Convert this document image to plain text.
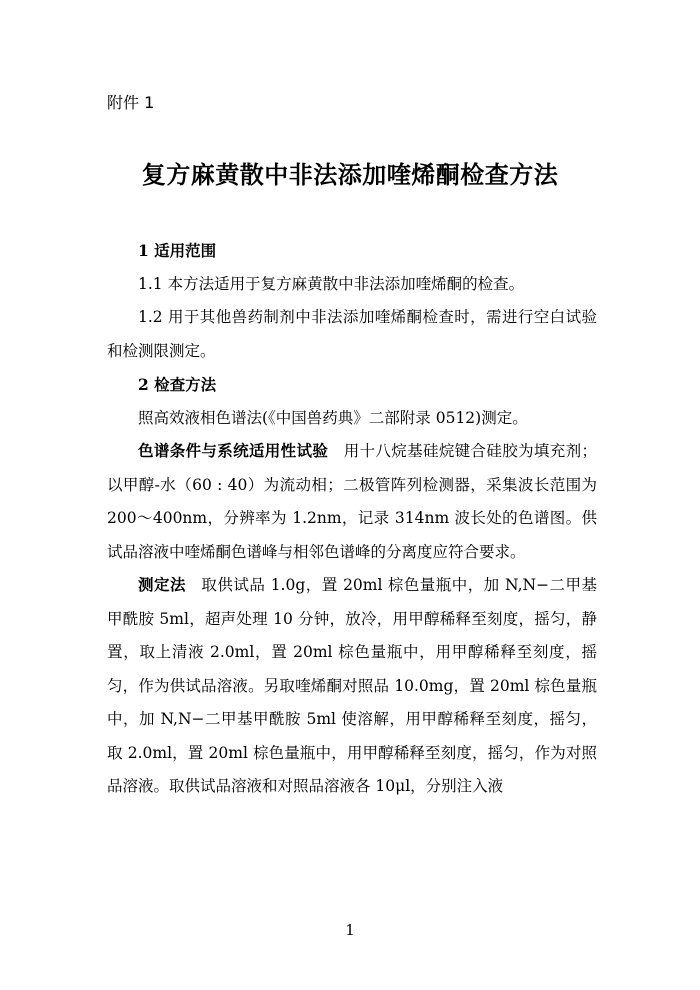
附件 1
复方麻黄散中非法添加喹烯酮检查方法

1 适用范围

1.1 本方法适用于复方麻黄散中非法添加喹烯酮的检查。

1.2 用于其他兽药制剂中非法添加喹烯酮检查时，需进行空白试验和检测限测定。

2 检查方法

照高效液相色谱法(《中国兽药典》二部附录 0512)测定。

色谱条件与系统适用性试验 用十八烷基硅烷键合硅胶为填充剂；以甲醇-水（60 : 40）为流动相；二极管阵列检测器，采集波长范围为 200～400nm，分辨率为 1.2nm，记录 314nm 波长处的色谱图。供试品溶液中喹烯酮色谱峰与相邻色谱峰的分离度应符合要求。

测定法 取供试品 1.0g，置 20ml 棕色量瓶中，加 N,N−二甲基甲酰胺 5ml，超声处理 10 分钟，放冷，用甲醇稀释至刻度，摇匀，静置，取上清液 2.0ml，置 20ml 棕色量瓶中，用甲醇稀释至刻度，摇匀，作为供试品溶液。另取喹烯酮对照品 10.0mg，置 20ml 棕色量瓶中，加 N,N−二甲基甲酰胺 5ml 使溶解，用甲醇稀释至刻度，摇匀，取 2.0ml，置 20ml 棕色量瓶中，用甲醇稀释至刻度，摇匀，作为对照品溶液。取供试品溶液和对照品溶液各 10μl，分别注入液

1
